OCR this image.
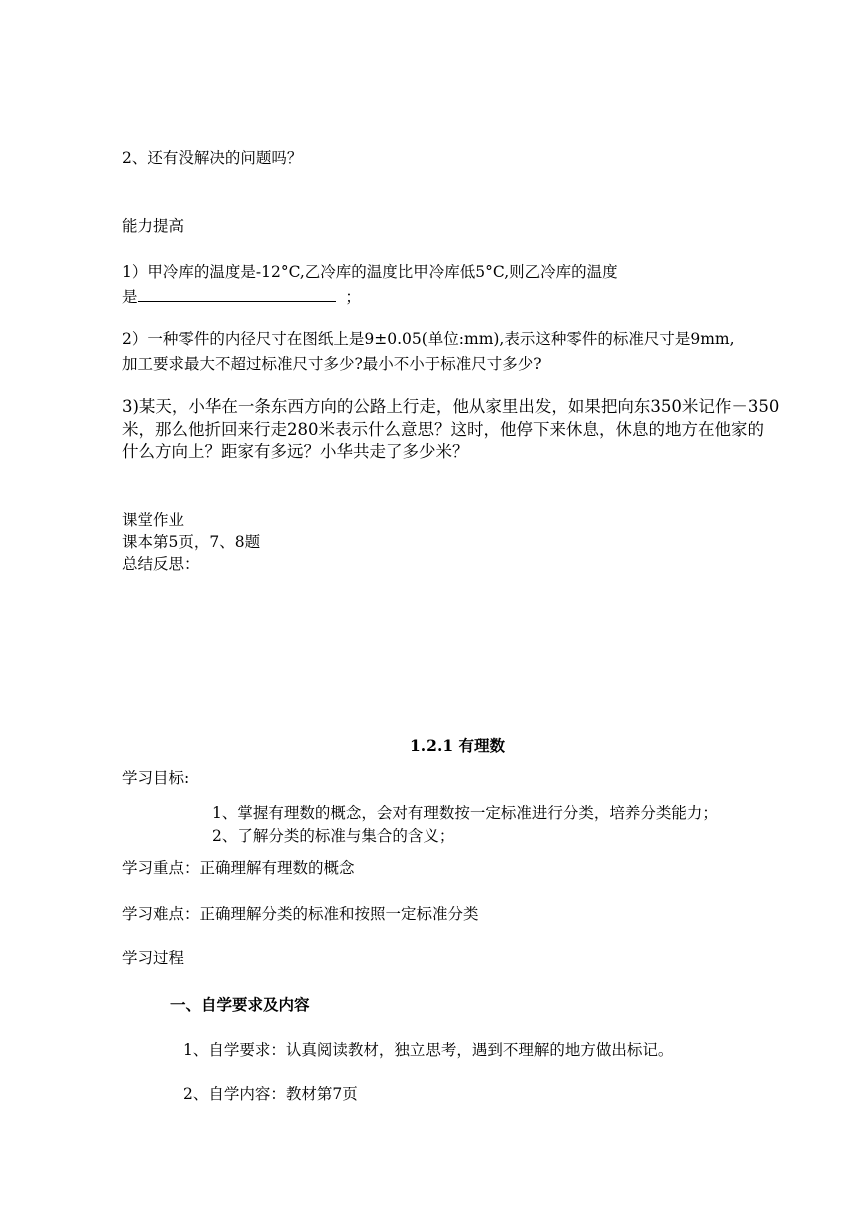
2、还有没解决的问题吗？

能力提高

1）甲冷库的温度是-12°C,乙冷库的温度比甲冷库低5°C,则乙冷库的温度

是	；

2）一种零件的内径尺寸在图纸上是9±0.05(单位:mm),表示这种零件的标准尺寸是9mm,

加工要求最大不超过标准尺寸多少?最小不小于标准尺寸多少?

3)某天，小华在一条东西方向的公路上行走，他从家里出发，如果把向东350米记作－350

米，那么他折回来行走280米表示什么意思？这时，他停下来休息，休息的地方在他家的

什么方向上？距家有多远？小华共走了多少米？

课堂作业

课本第5页，7、8题

总结反思：

1.2.1 有理数

学习目标:

1、掌握有理数的概念，会对有理数按一定标准进行分类，培养分类能力；

2、了解分类的标准与集合的含义；

学习重点：正确理解有理数的概念

学习难点：正确理解分类的标准和按照一定标准分类

学习过程

一、自学要求及内容

1、自学要求：认真阅读教材，独立思考，遇到不理解的地方做出标记。

2、自学内容：教材第7页
